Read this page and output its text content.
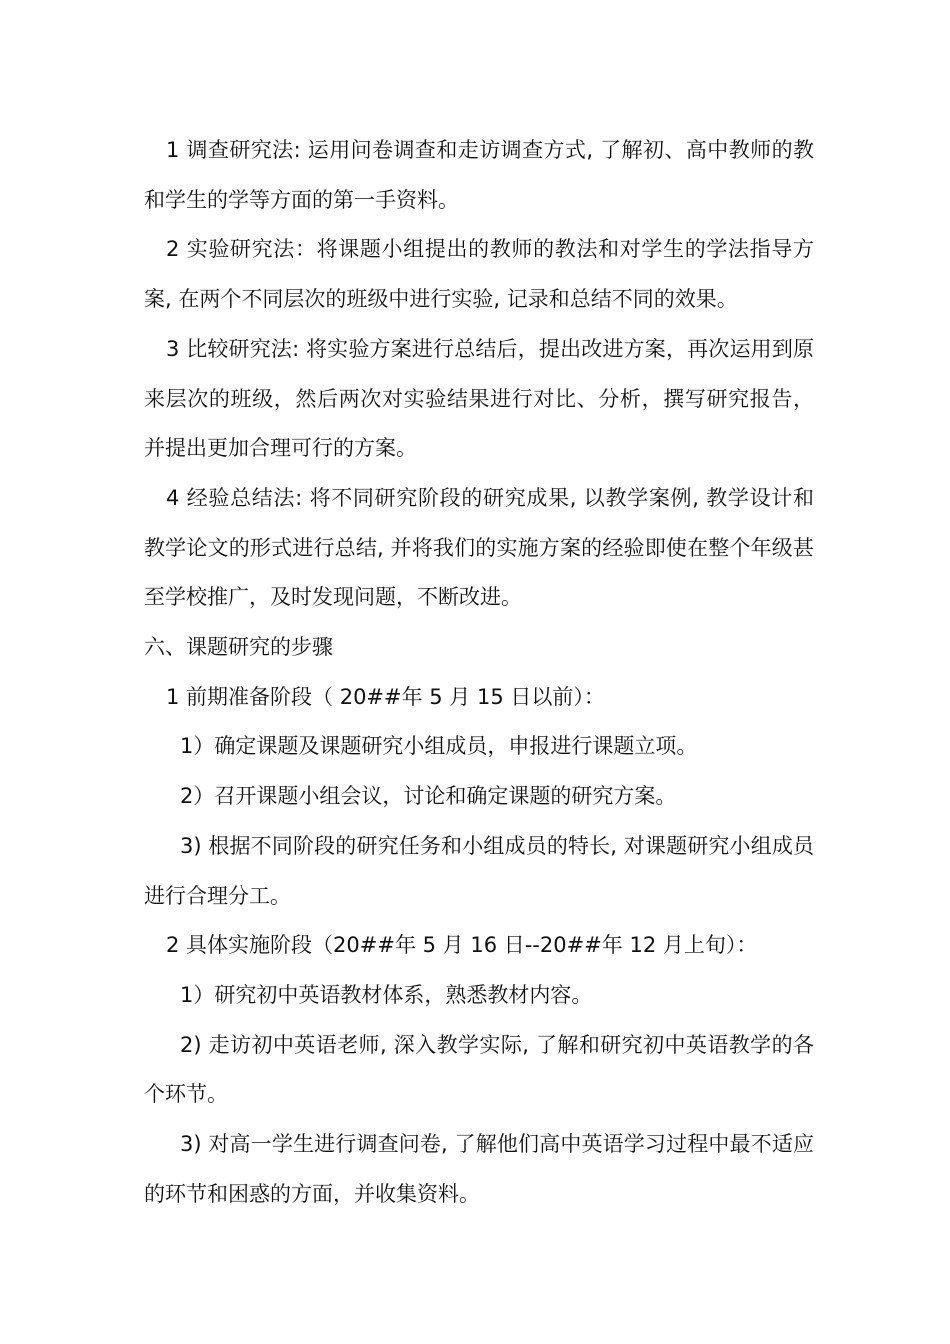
1 调查研究法: 运用问卷调查和走访调查方式, 了解初、高中教师的教和学生的学等方面的第一手资料。

2 实验研究法：将课题小组提出的教师的教法和对学生的学法指导方案, 在两个不同层次的班级中进行实验, 记录和总结不同的效果。

3 比较研究法: 将实验方案进行总结后，提出改进方案，再次运用到原来层次的班级，然后两次对实验结果进行对比、分析，撰写研究报告，并提出更加合理可行的方案。

4 经验总结法: 将不同研究阶段的研究成果, 以教学案例, 教学设计和教学论文的形式进行总结, 并将我们的实施方案的经验即使在整个年级甚至学校推广，及时发现问题，不断改进。

六、课题研究的步骤

1 前期准备阶段（ 20##年 5 月 15 日以前）：

1）确定课题及课题研究小组成员，申报进行课题立项。

2）召开课题小组会议，讨论和确定课题的研究方案。

3) 根据不同阶段的研究任务和小组成员的特长, 对课题研究小组成员进行合理分工。

2 具体实施阶段（20##年 5 月 16 日--20##年 12 月上旬）：

1）研究初中英语教材体系，熟悉教材内容。

2) 走访初中英语老师, 深入教学实际, 了解和研究初中英语教学的各个环节。

3) 对高一学生进行调查问卷, 了解他们高中英语学习过程中最不适应的环节和困惑的方面，并收集资料。
